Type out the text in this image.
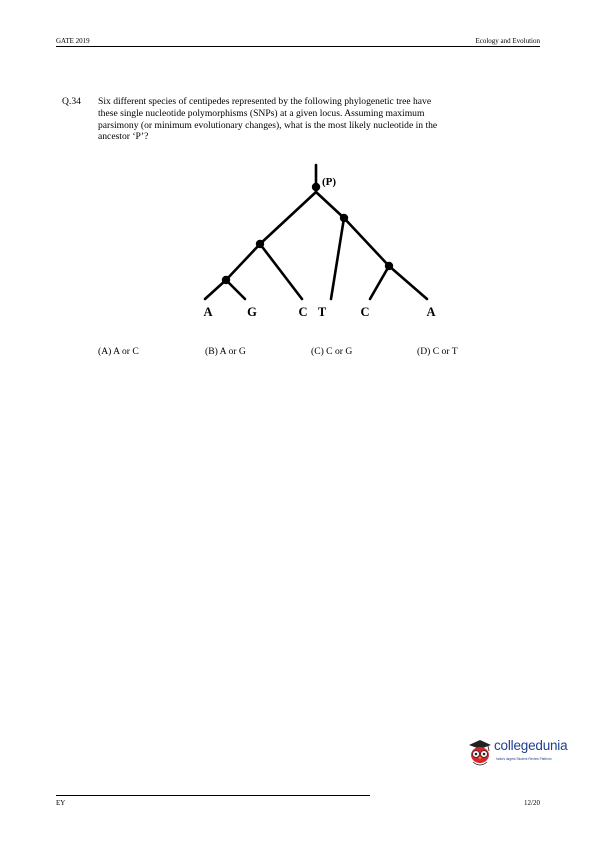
GATE 2019	Ecology and Evolution
Q.34 Six different species of centipedes represented by the following phylogenetic tree have
these single nucleotide polymorphisms (SNPs) at a given locus. Assuming maximum
parsimony (or minimum evolutionary changes), what is the most likely nucleotide in the
ancestor ‘P’?
(P)
A	G	C T	C	A
(A) A or C	(B) A or G	(C) C or G	(D) C or T
collegedunia
India's largest Student Review Platform
EY	12/20
